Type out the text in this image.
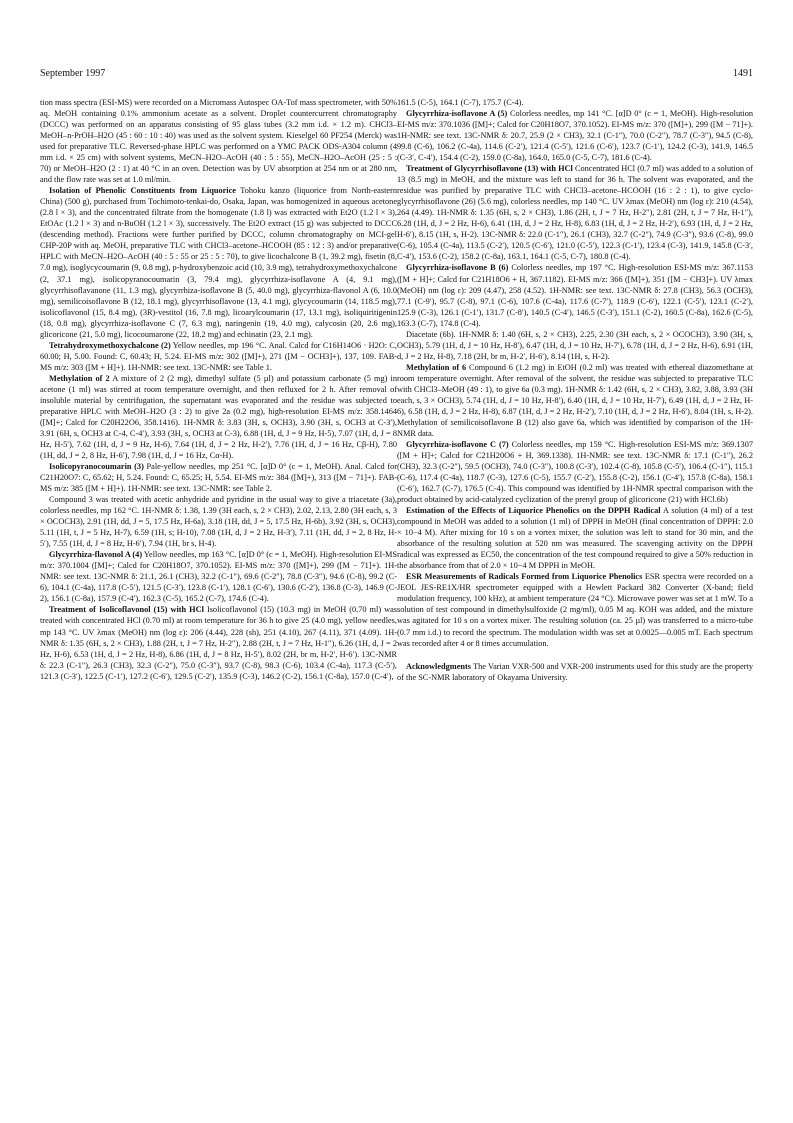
September 1997	1491

tion mass spectra (ESI-MS) were recorded on a Micromass Autospec OA-Tof mass spectrometer, with 50% aq. MeOH containing 0.1% ammonium acetate as a solvent. Droplet countercurrent chromatography (DCCC) was performed on an apparatus consisting of 95 glass tubes (3.2 mm i.d. × 1.2 m). CHCl3–MeOH–n-PrOH–H2O (45 : 60 : 10 : 40) was used as the solvent system. Kieselgel 60 PF254 (Merck) was used for preparative TLC. Reversed-phase HPLC was performed on a YMC PACK ODS-A304 column (4 mm i.d. × 25 cm) with solvent systems, MeCN–H2O–AcOH (40 : 5 : 55), MeCN–H2O–AcOH (25 : 5 : 70) or MeOH–H2O (2 : 1) at 40 °C in an oven. Detection was by UV absorption at 254 nm or at 280 nm, and the flow rate was set at 1.0 ml/min.

Isolation of Phenolic Constituents from Liquorice Tohoku kanzo (liquorice from North-eastern China) (500 g), purchased from Tochimoto-tenkai-do, Osaka, Japan, was homogenized in aqueous acetone (2.8 l × 3), and the concentrated filtrate from the homogenate (1.8 l) was extracted with Et2O (1.2 l × 3), EtOAc (1.2 l × 3) and n-BuOH (1.2 l × 3), successively. The Et2O extract (15 g) was subjected to DCCC (descending method). Fractions were further purified by DCCC, column chromatography on MCI-gel CHP-20P with aq. MeOH, preparative TLC with CHCl3–acetone–HCOOH (85 : 12 : 3) and/or preparative HPLC with MeCN–H2O–AcOH (40 : 5 : 55 or 25 : 5 : 70), to give licochalcone B (1, 39.2 mg), fisetin (8, 7.0 mg), isoglycycoumarin (9, 0.8 mg), p-hydroxybenzoic acid (10, 3.9 mg), tetrahydroxymethoxychalcone (2, 37.1 mg), isolicopyranocoumarin (3, 79.4 mg), glycyrrhiza-isoflavone A (4, 9.1 mg), glycyrrhisoflavanone (11, 1.3 mg), glycyrrhiza-isoflavone B (5, 40.0 mg), glycyrrhiza-flavonol A (6, 10.0 mg), semilicoisoflavone B (12, 18.1 mg), glycyrrhisoflavone (13, 4.1 mg), glycycoumarin (14, 118.5 mg), isolicoflavonol (15, 8.4 mg), (3R)-vestitol (16, 7.8 mg), licoarylcoumarin (17, 13.1 mg), isoliquiritigenin (18, 0.8 mg), glycyrrhiza-isoflavone C (7, 6.3 mg), naringenin (19, 4.0 mg), calycosin (20, 2.6 mg), glicoricone (21, 5.0 mg), licocoumarone (22, 18.2 mg) and echinatin (23, 2.1 mg).

Tetrahydroxymethoxychalcone (2) Yellow needles, mp 196 °C. Anal. Calcd for C16H14O6 · H2O: C, 60.00; H, 5.00. Found: C, 60.43; H, 5.24. EI-MS m/z: 302 ([M]+), 271 ([M − OCH3]+), 137, 109. FAB-MS m/z: 303 ([M + H]+). 1H-NMR: see text. 13C-NMR: see Table 1.

Methylation of 2 A mixture of 2 (2 mg), dimethyl sulfate (5 µl) and potassium carbonate (5 mg) in acetone (1 ml) was stirred at room temperature overnight, and then refluxed for 2 h. After removal of insoluble material by centrifugation, the supernatant was evaporated and the residue was subjected to preparative HPLC with MeOH–H2O (3 : 2) to give 2a (0.2 mg), high-resolution EI-MS m/z: 358.1464 ([M]+; Calcd for C20H22O6, 358.1416). 1H-NMR δ: 3.83 (3H, s, OCH3), 3.90 (3H, s, OCH3 at C-3′), 3.91 (6H, s, OCH3 at C-4, C-4′), 3.93 (3H, s, OCH3 at C-3), 6.88 (1H, d, J = 9 Hz, H-5), 7.07 (1H, d, J = 8 Hz, H-5′), 7.62 (1H, d, J = 9 Hz, H-6), 7.64 (1H, d, J = 2 Hz, H-2′), 7.76 (1H, d, J = 16 Hz, Cβ-H), 7.80 (1H, dd, J = 2, 8 Hz, H-6′), 7.98 (1H, d, J = 16 Hz, Cα-H).

Isolicopyranocoumarin (3) Pale-yellow needles, mp 251 °C. [α]D 0° (c = 1, MeOH). Anal. Calcd for C21H20O7: C, 65.62; H, 5.24. Found: C, 65.25; H, 5.54. EI-MS m/z: 384 ([M]+), 313 ([M − 71]+). FAB-MS m/z: 385 ([M + H]+). 1H-NMR: see text. 13C-NMR: see Table 2.

Compound 3 was treated with acetic anhydride and pyridine in the usual way to give a triacetate (3a), colorless needles, mp 162 °C. 1H-NMR δ: 1.38, 1.39 (3H each, s, 2 × CH3), 2.02, 2.13, 2.80 (3H each, s, 3 × OCOCH3), 2.91 (1H, dd, J = 5, 17.5 Hz, H-6a), 3.18 (1H, dd, J = 5, 17.5 Hz, H-6b), 3.92 (3H, s, OCH3), 5.11 (1H, t, J = 5 Hz, H-7), 6.59 (1H, s; H-10), 7.08 (1H, d, J = 2 Hz, H-3′), 7.11 (1H, dd, J = 2, 8 Hz, H-5′), 7.55 (1H, d, J = 8 Hz, H-6′), 7.94 (1H, br s, H-4).

Glycyrrhiza-flavonol A (4) Yellow needles, mp 163 °C. [α]D 0° (c = 1, MeOH). High-resolution EI-MS m/z: 370.1004 ([M]+; Calcd for C20H18O7, 370.1052). EI-MS m/z: 370 ([M]+), 299 ([M − 71]+). 1H-NMR: see text. 13C-NMR δ: 21.1, 26.1 (CH3), 32.2 (C-1″), 69.6 (C-2″), 78.8 (C-3″), 94.6 (C-8), 99.2 (C-6), 104.1 (C-4a), 117.8 (C-5′), 121.5 (C-3′), 123.8 (C-1′), 128.1 (C-6′), 130.6 (C-2′), 136.8 (C-3), 146.9 (C-2), 156.1 (C-8a), 157.9 (C-4′), 162.3 (C-5), 165.2 (C-7), 174.6 (C-4).

Treatment of Isolicoflavonol (15) with HCl Isolicoflavonol (15) (10.3 mg) in MeOH (0.70 ml) was treated with concentrated HCl (0.70 ml) at room temperature for 36 h to give 25 (4.0 mg), yellow needles, mp 143 °C. UV λmax (MeOH) nm (log ε): 206 (4.44), 228 (sh), 251 (4.10), 267 (4.11), 371 (4.09). 1H-NMR δ: 1.35 (6H, s, 2 × CH3), 1.88 (2H, t, J = 7 Hz, H-2″), 2.88 (2H, t, J = 7 Hz, H-1″), 6.26 (1H, d, J = 2 Hz, H-6), 6.53 (1H, d, J = 2 Hz, H-8), 6.86 (1H, d, J = 8 Hz, H-5′), 8.02 (2H, br m, H-2′, H-6′). 13C-NMR δ: 22.3 (C-1″), 26.3 (CH3), 32.3 (C-2″), 75.0 (C-3″), 93.7 (C-8), 98.3 (C-6), 103.4 (C-4a), 117.3 (C-5′), 121.3 (C-3′), 122.5 (C-1′), 127.2 (C-6′), 129.5 (C-2′), 135.9 (C-3), 146.2 (C-2), 156.1 (C-8a), 157.0 (C-4′),

161.5 (C-5), 164.1 (C-7), 175.7 (C-4).

Glycyrrhiza-isoflavone A (5) Colorless needles, mp 141 °C. [α]D 0° (c = 1, MeOH). High-resolution EI-MS m/z: 370.1036 ([M]+; Calcd for C20H18O7, 370.1052). EI-MS m/z: 370 ([M]+), 299 ([M − 71]+). 1H-NMR: see text. 13C-NMR δ: 20.7, 25.9 (2 × CH3), 32.1 (C-1″), 70.0 (C-2″), 78.7 (C-3″), 94.5 (C-8), 99.8 (C-6), 106.2 (C-4a), 114.6 (C-2′), 121.4 (C-5′), 121.6 (C-6′), 123.7 (C-1′), 124.2 (C-3), 141.9, 146.5 (C-3′, C-4′), 154.4 (C-2), 159.0 (C-8a), 164.0, 165.0 (C-5, C-7), 181.6 (C-4).

Treatment of Glycyrrhisoflavone (13) with HCl Concentrated HCl (0.7 ml) was added to a solution of 13 (8.5 mg) in MeOH, and the mixture was left to stand for 36 h. The solvent was evaporated, and the residue was purified by preparative TLC with CHCl3–acetone–HCOOH (16 : 2 : 1), to give cyclo-glycyrrhisoflavone (26) (5.6 mg), colorless needles, mp 140 °C. UV λmax (MeOH) nm (log ε): 210 (4.54), 264 (4.49). 1H-NMR δ: 1.35 (6H, s, 2 × CH3), 1.86 (2H, t, J = 7 Hz, H-2″), 2.81 (2H, t, J = 7 Hz, H-1″), 6.28 (1H, d, J = 2 Hz, H-6), 6.41 (1H, d, J = 2 Hz, H-8), 6.83 (1H, d, J = 2 Hz, H-2′), 6.93 (1H, d, J = 2 Hz, H-6′), 8.15 (1H, s, H-2). 13C-NMR δ: 22.0 (C-1″), 26.1 (CH3), 32.7 (C-2″), 74.9 (C-3″), 93.6 (C-8), 99.0 (C-6), 105.4 (C-4a), 113.5 (C-2′), 120.5 (C-6′), 121.0 (C-5′), 122.3 (C-1′), 123.4 (C-3), 141.9, 145.8 (C-3′, C-4′), 153.6 (C-2), 158.2 (C-8a), 163.1, 164.1 (C-5, C-7), 180.8 (C-4).

Glycyrrhiza-isoflavone B (6) Colorless needles, mp 197 °C. High-resolution ESI-MS m/z: 367.1153 ([M + H]+; Calcd for C21H18O6 + H, 367.1182). EI-MS m/z: 366 ([M]+), 351 ([M − CH3]+). UV λmax (MeOH) nm (log ε): 209 (4.47), 258 (4.52). 1H-NMR: see text. 13C-NMR δ: 27.8 (CH3), 56.3 (OCH3), 77.1 (C-9′), 95.7 (C-8), 97.1 (C-6), 107.6 (C-4a), 117.6 (C-7′), 118.9 (C-6′), 122.1 (C-5′), 123.1 (C-2′), 125.9 (C-3), 126.1 (C-1′), 131.7 (C-8′), 140.5 (C-4′), 146.5 (C-3′), 151.1 (C-2), 160.5 (C-8a), 162.6 (C-5), 163.3 (C-7), 174.8 (C-4).

Diacetate (6b). 1H-NMR δ: 1.40 (6H, s, 2 × CH3), 2.25, 2.30 (3H each, s, 2 × OCOCH3), 3.90 (3H, s, OCH3), 5.79 (1H, d, J = 10 Hz, H-8′), 6.47 (1H, d, J = 10 Hz, H-7′), 6.78 (1H, d, J = 2 Hz, H-6), 6.91 (1H, d, J = 2 Hz, H-8), 7.18 (2H, br m, H-2′, H-6′), 8.14 (1H, s, H-2).

Methylation of 6 Compound 6 (1.2 mg) in EtOH (0.2 ml) was treated with ethereal diazomethane at room temperature overnight. After removal of the solvent, the residue was subjected to preparative TLC with CHCl3–MeOH (49 : 1), to give 6a (0.3 mg). 1H-NMR δ: 1.42 (6H, s, 2 × CH3), 3.82, 3.88, 3.93 (3H each, s, 3 × OCH3), 5.74 (1H, d, J = 10 Hz, H-8′), 6.40 (1H, d, J = 10 Hz, H-7′), 6.49 (1H, d, J = 2 Hz, H-6), 6.58 (1H, d, J = 2 Hz, H-8), 6.87 (1H, d, J = 2 Hz, H-2′), 7.10 (1H, d, J = 2 Hz, H-6′), 8.04 (1H, s, H-2). Methylation of semilicoisoflavone B (12) also gave 6a, which was identified by comparison of the 1H-NMR data.

Glycyrrhiza-isoflavone C (7) Colorless needles, mp 159 °C. High-resolution ESI-MS m/z: 369.1307 ([M + H]+; Calcd for C21H20O6 + H, 369.1338). 1H-NMR: see text. 13C-NMR δ: 17.1 (C-1″), 26.2 (CH3), 32.3 (C-2″), 59.5 (OCH3), 74.0 (C-3″), 100.8 (C-3′), 102.4 (C-8), 105.8 (C-5′), 106.4 (C-1″), 115.1 (C-6), 117.4 (C-4a), 118.7 (C-3), 127.6 (C-5), 155.7 (C-2′), 155.8 (C-2), 156.1 (C-4′), 157.8 (C-8a), 158.1 (C-6′), 162.7 (C-7), 176.5 (C-4). This compound was identified by 1H-NMR spectral comparison with the product obtained by acid-catalyzed cyclization of the prenyl group of glicoricone (21) with HCl.6b)

Estimation of the Effects of Liquorice Phenolics on the DPPH Radical A solution (4 ml) of a test compound in MeOH was added to a solution (1 ml) of DPPH in MeOH (final concentration of DPPH: 2.0 × 10−4 M). After mixing for 10 s on a vortex mixer, the solution was left to stand for 30 min, and the absorbance of the resulting solution at 520 nm was measured. The scavenging activity on the DPPH radical was expressed as EC50, the concentration of the test compound required to give a 50% reduction in the absorbance from that of 2.0 × 10−4 M DPPH in MeOH.

ESR Measurements of Radicals Formed from Liquorice Phenolics ESR spectra were recorded on a JEOL JES-RE1X/HR spectrometer equipped with a Hewlett Packard 382 Converter (X-band; field modulation frequency, 100 kHz), at ambient temperature (24 °C). Microwave power was set at 1 mW. To a solution of test compound in dimethylsulfoxide (2 mg/ml), 0.05 M aq. KOH was added, and the mixture was agitated for 10 s on a vortex mixer. The resulting solution (ca. 25 µl) was transferred to a micro-tube (0.7 mm i.d.) to record the spectrum. The modulation width was set at 0.0025—0.005 mT. Each spectrum was recorded after 4 or 8 times accumulation.

Acknowledgments The Varian VXR-500 and VXR-200 instruments used for this study are the property of the SC-NMR laboratory of Okayama University.
